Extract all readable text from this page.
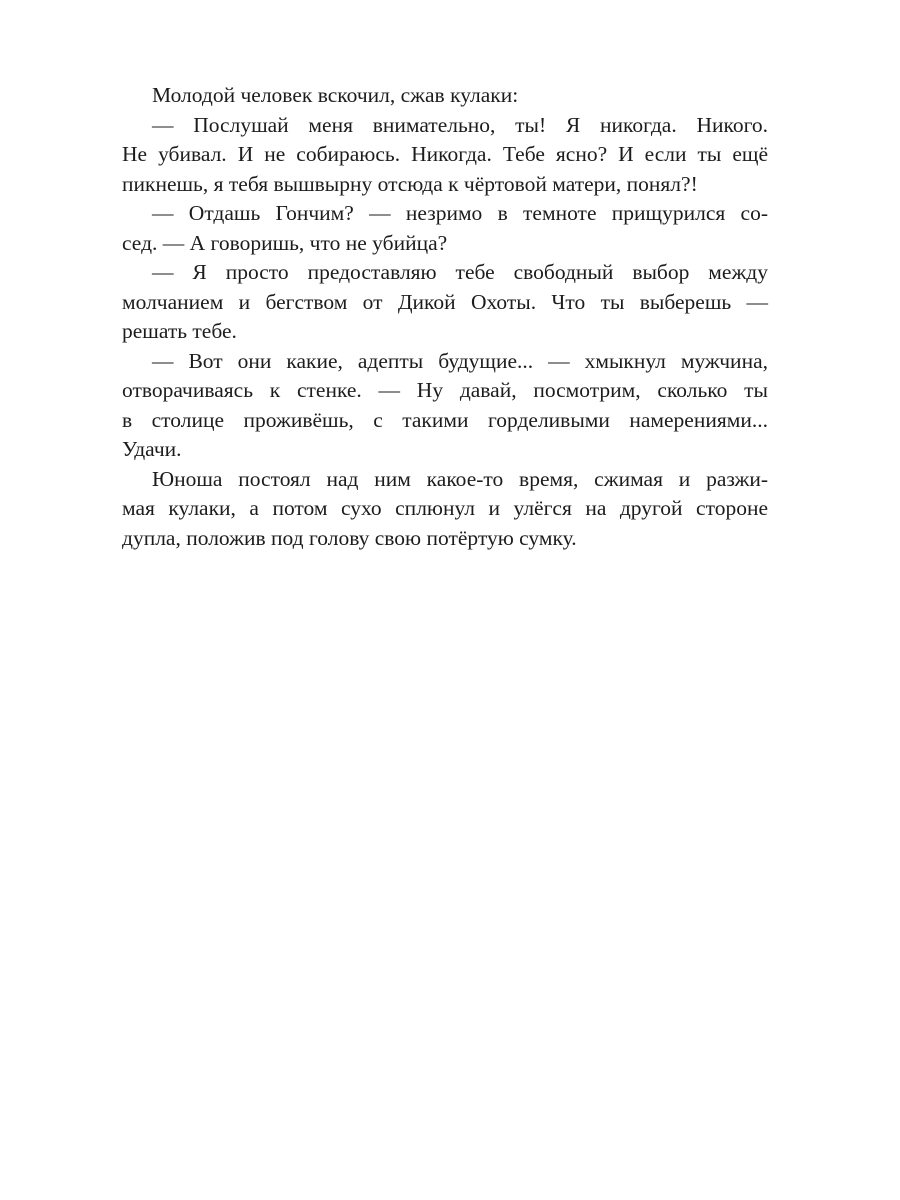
Молодой человек вскочил, сжав кулаки:
— Послушай меня внимательно, ты! Я никогда. Никого.
Не убивал. И не собираюсь. Никогда. Тебе ясно? И если ты ещё
пикнешь, я тебя вышвырну отсюда к чёртовой матери, понял?!
— Отдашь Гончим? — незримо в темноте прищурился со-
сед. — А говоришь, что не убийца?
— Я просто предоставляю тебе свободный выбор между
молчанием и бегством от Дикой Охоты. Что ты выберешь —
решать тебе.
— Вот они какие, адепты будущие... — хмыкнул мужчина,
отворачиваясь к стенке. — Ну давай, посмотрим, сколько ты
в столице проживёшь, с такими горделивыми намерениями...
Удачи.
Юноша постоял над ним какое-то время, сжимая и разжи-
мая кулаки, а потом сухо сплюнул и улёгся на другой стороне
дупла, положив под голову свою потёртую сумку.
